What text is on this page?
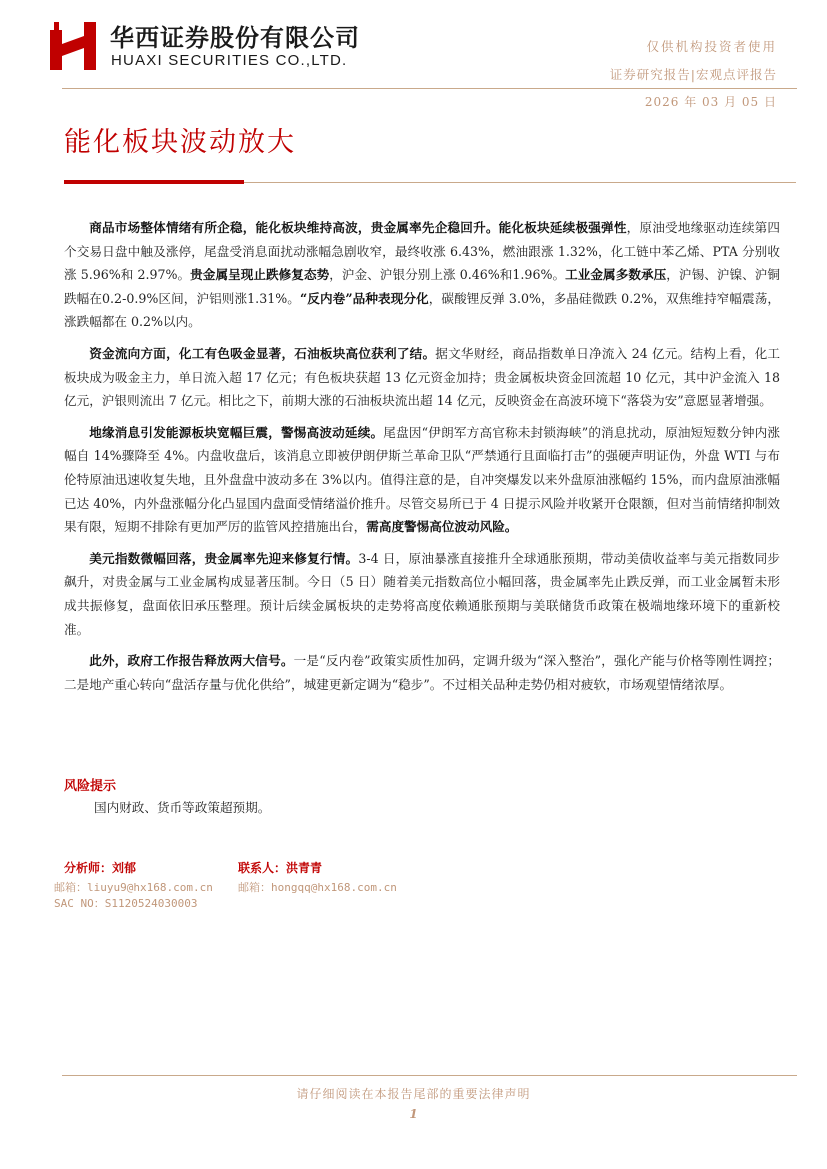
华西证券股份有限公司
HUAXI SECURITIES CO.,LTD.
仅供机构投资者使用
证券研究报告|宏观点评报告
2026 年 03 月 05 日
能化板块波动放大

商品市场整体情绪有所企稳，能化板块维持高波，贵金属率先企稳回升。能化板块延续极强弹性，原油受地缘驱动连续第四个交易日盘中触及涨停，尾盘受消息面扰动涨幅急剧收窄，最终收涨 6.43%，燃油跟涨 1.32%，化工链中苯乙烯、PTA 分别收涨 5.96%和 2.97%。贵金属呈现止跌修复态势，沪金、沪银分别上涨 0.46%和1.96%。工业金属多数承压，沪锡、沪镍、沪铜跌幅在0.2-0.9%区间，沪铝则涨1.31%。“反内卷”品种表现分化，碳酸锂反弹 3.0%，多晶硅微跌 0.2%，双焦维持窄幅震荡，涨跌幅都在 0.2%以内。

资金流向方面，化工有色吸金显著，石油板块高位获利了结。据文华财经，商品指数单日净流入 24 亿元。结构上看，化工板块成为吸金主力，单日流入超 17 亿元；有色板块获超 13 亿元资金加持；贵金属板块资金回流超 10 亿元，其中沪金流入 18 亿元，沪银则流出 7 亿元。相比之下，前期大涨的石油板块流出超 14 亿元，反映资金在高波环境下“落袋为安”意愿显著增强。

地缘消息引发能源板块宽幅巨震，警惕高波动延续。尾盘因“伊朗军方高官称未封锁海峡”的消息扰动，原油短短数分钟内涨幅自 14%骤降至 4%。内盘收盘后，该消息立即被伊朗伊斯兰革命卫队“严禁通行且面临打击”的强硬声明证伪，外盘 WTI 与布伦特原油迅速收复失地，且外盘盘中波动多在 3%以内。值得注意的是，自冲突爆发以来外盘原油涨幅约 15%，而内盘原油涨幅已达 40%，内外盘涨幅分化凸显国内盘面受情绪溢价推升。尽管交易所已于 4 日提示风险并收紧开仓限额，但对当前情绪抑制效果有限，短期不排除有更加严厉的监管风控措施出台，需高度警惕高位波动风险。

美元指数微幅回落，贵金属率先迎来修复行情。3-4 日，原油暴涨直接推升全球通胀预期，带动美债收益率与美元指数同步飙升，对贵金属与工业金属构成显著压制。今日（5 日）随着美元指数高位小幅回落，贵金属率先止跌反弹，而工业金属暂未形成共振修复，盘面依旧承压整理。预计后续金属板块的走势将高度依赖通胀预期与美联储货币政策在极端地缘环境下的重新校准。

此外，政府工作报告释放两大信号。一是“反内卷”政策实质性加码，定调升级为“深入整治”，强化产能与价格等刚性调控；二是地产重心转向“盘活存量与优化供给”，城建更新定调为“稳步”。不过相关品种走势仍相对疲软，市场观望情绪浓厚。

风险提示
国内财政、货币等政策超预期。
分析师：刘郁
邮箱：liuyu9@hx168.com.cn
SAC NO：S1120524030003
联系人：洪青青
邮箱：hongqq@hx168.com.cn
请仔细阅读在本报告尾部的重要法律声明
1
